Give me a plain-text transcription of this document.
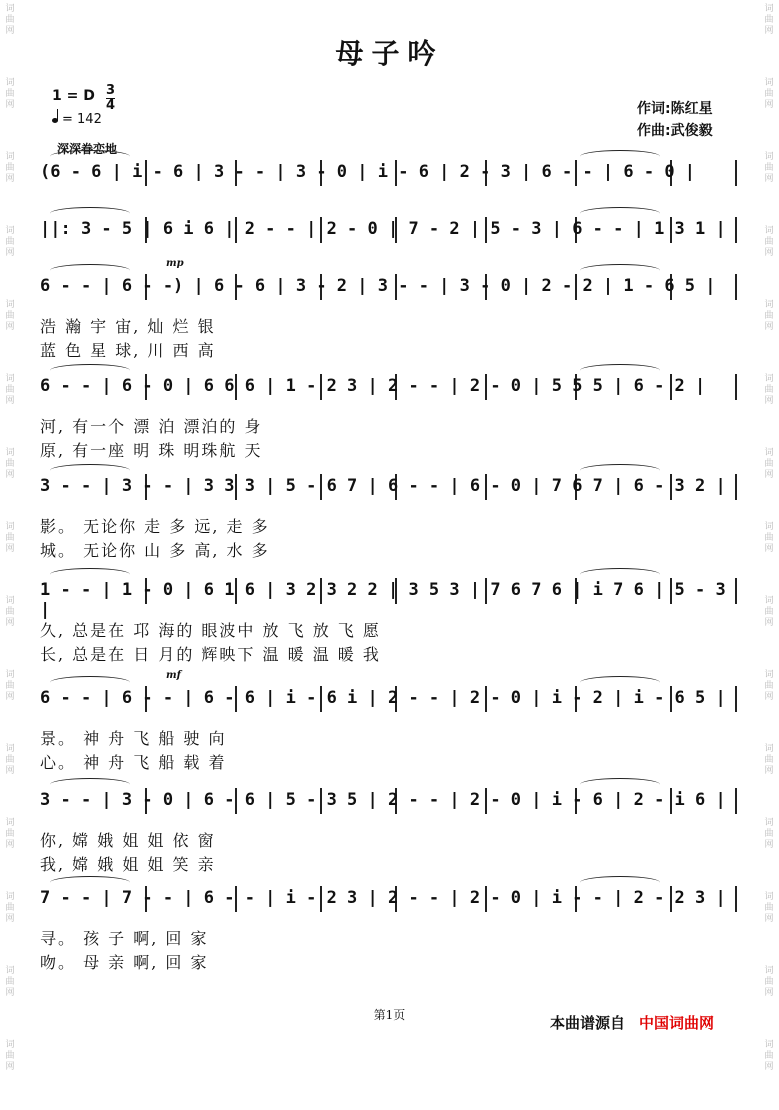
词
曲
网
词
曲
网
词
曲
网
词
曲
网
词
曲
网
词
曲
网
词
曲
网
词
曲
网
词
曲
网
词
曲
网
词
曲
网
词
曲
网
词
曲
网
词
曲
网
词
曲
网
词
曲
网
词
曲
网
词
曲
网
词
曲
网
词
曲
网
词
曲
网
词
曲
网
词
曲
网
词
曲
网
词
曲
网
词
曲
网
词
曲
网
词
曲
网
词
曲
网
词
曲
网
母子吟
1 = D 3
4
= 142
作词:陈红星
作曲:武俊毅
深深眷恋地
(6 - 6 | i - 6 | 3 - - | 3 - 0 | i - 6 | 2 - 3 | 6 - - | 6 - 0 |
||: 3 - 5 | 6 i 6 | 2 - - | 2 - 0 | 7 - 2 | 5 - 3 | 6 - - | 1 3 1 |
6 - - | 6 - -) | 6 - 6 | 3 - 2 | 3 - - | 3 - 0 | 2 - 2 | 1 - 6 5 |
浩 瀚 宇 宙, 灿 烂 银
蓝 色 星 球, 川 西 高
6 - - | 6 - 0 | 6 6 6 | 1 - 2 3 | 2 - - | 2 - 0 | 5 5 5 | 6 - 2 |
河, 有一个 漂 泊 漂泊的 身
原, 有一座 明 珠 明珠航 天
3 - - | 3 - - | 3 3 3 | 5 - 6 7 | 6 - - | 6 - 0 | 7 6 7 | 6 - 3 2 |
影。 无论你 走 多 远, 走 多
城。 无论你 山 多 高, 水 多
1 - - | 1 - 0 | 6 1 6 | 3 2 3 2 2 | 3 5 3 | 7 6 7 6 | i 7 6 | 5 - 3 |
久, 总是在 邛 海的 眼波中 放 飞 放 飞 愿
长, 总是在 日 月的 辉映下 温 暖 温 暖 我
6 - - | 6 - - | 6 - 6 | i - 6 i | 2 - - | 2 - 0 | i - 2 | i - 6 5 |
景。 神 舟 飞 船 驶 向
心。 神 舟 飞 船 载 着
3 - - | 3 - 0 | 6 - 6 | 5 - 3 5 | 2 - - | 2 - 0 | i - 6 | 2 - i 6 |
你, 嫦 娥 姐 姐 依 窗
我, 嫦 娥 姐 姐 笑 亲
7 - - | 7 - - | 6 - - | i - 2 3 | 2 - - | 2 - 0 | i - - | 2 - 2 3 |
寻。 孩 子 啊, 回 家
吻。 母 亲 啊, 回 家
mp
mf
第1页	本曲谱源自 中国词曲网
